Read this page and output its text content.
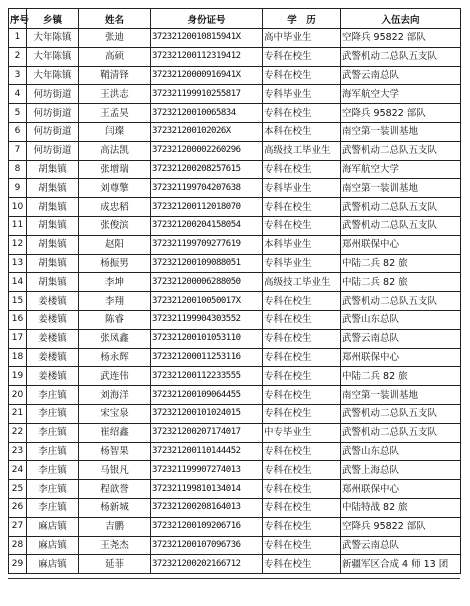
序号	乡镇	姓名	身份证号	学　历	入伍去向
1	大年陈镇	张迪	37232120010815941X	高中毕业生	空降兵 95822 部队
2	大年陈镇	高硕	372321200112319412	专科在校生	武警机动二总队五支队
3	大年陈镇	鞘清铎	37232120000916941X	专科在校生	武警云南总队
4	何坊街道	王洪志	372321199910255817	专科毕业生	海军航空大学
5	何坊街道	王孟昊	37232120010065834	专科在校生	空降兵 95822 部队
6	何坊街道	闫璨	372321200102026X	本科在校生	南空第一装训基地
7	何坊街道	高法凯	372321200002260296	高级技工毕业生	武警机动二总队五支队
8	胡集镇	张增瑞	372321200208257615	专科在校生	海军航空大学
9	胡集镇	刘尊擎	372321199704207638	专科毕业生	南空第一装训基地
10	胡集镇	成忠稻	372321200112018070	专科在校生	武警机动二总队五支队
11	胡集镇	张俊滨	372321200204158054	专科在校生	武警机动二总队五支队
12	胡集镇	赵阳	372321199709277619	本科毕业生	郑州联保中心
13	胡集镇	杨振男	372321200109088051	专科毕业生	中陆二兵 82 旅
14	胡集镇	李坤	372321200006288050	高级技工毕业生	中陆二兵 82 旅
15	姜楼镇	李翔	37232120010050017X	专科在校生	武警机动二总队五支队
16	姜楼镇	陈睿	372321199904303552	专科在校生	武警山东总队
17	姜楼镇	张凤鑫	372321200101053110	专科在校生	武警云南总队
18	姜楼镇	杨永辉	372321200011253116	专科在校生	郑州联保中心
19	姜楼镇	武连伟	372321200112233555	专科在校生	中陆二兵 82 旅
20	李庄镇	刘海洋	372321200109064455	专科在校生	南空第一装训基地
21	李庄镇	宋宝泉	372321200101024015	专科在校生	武警机动二总队五支队
22	李庄镇	崔绍鑫	372321200207174017	中专毕业生	武警机动二总队五支队
23	李庄镇	杨智果	372321200110144452	专科在校生	武警山东总队
24	李庄镇	马银凡	372321199907274013	专科在校生	武警上海总队
25	李庄镇	程歆誉	372321199810134014	专科在校生	郑州联保中心
26	李庄镇	杨新城	372321200208164013	专科在校生	中陆特战 82 旅
27	麻店镇	吉鹏	372321200109206716	专科在校生	空降兵 95822 部队
28	麻店镇	王尧杰	372321200107096736	专科在校生	武警云南总队
29	麻店镇	延菲	372321200202166712	专科在校生	新疆军区合成 4 师 13 团
